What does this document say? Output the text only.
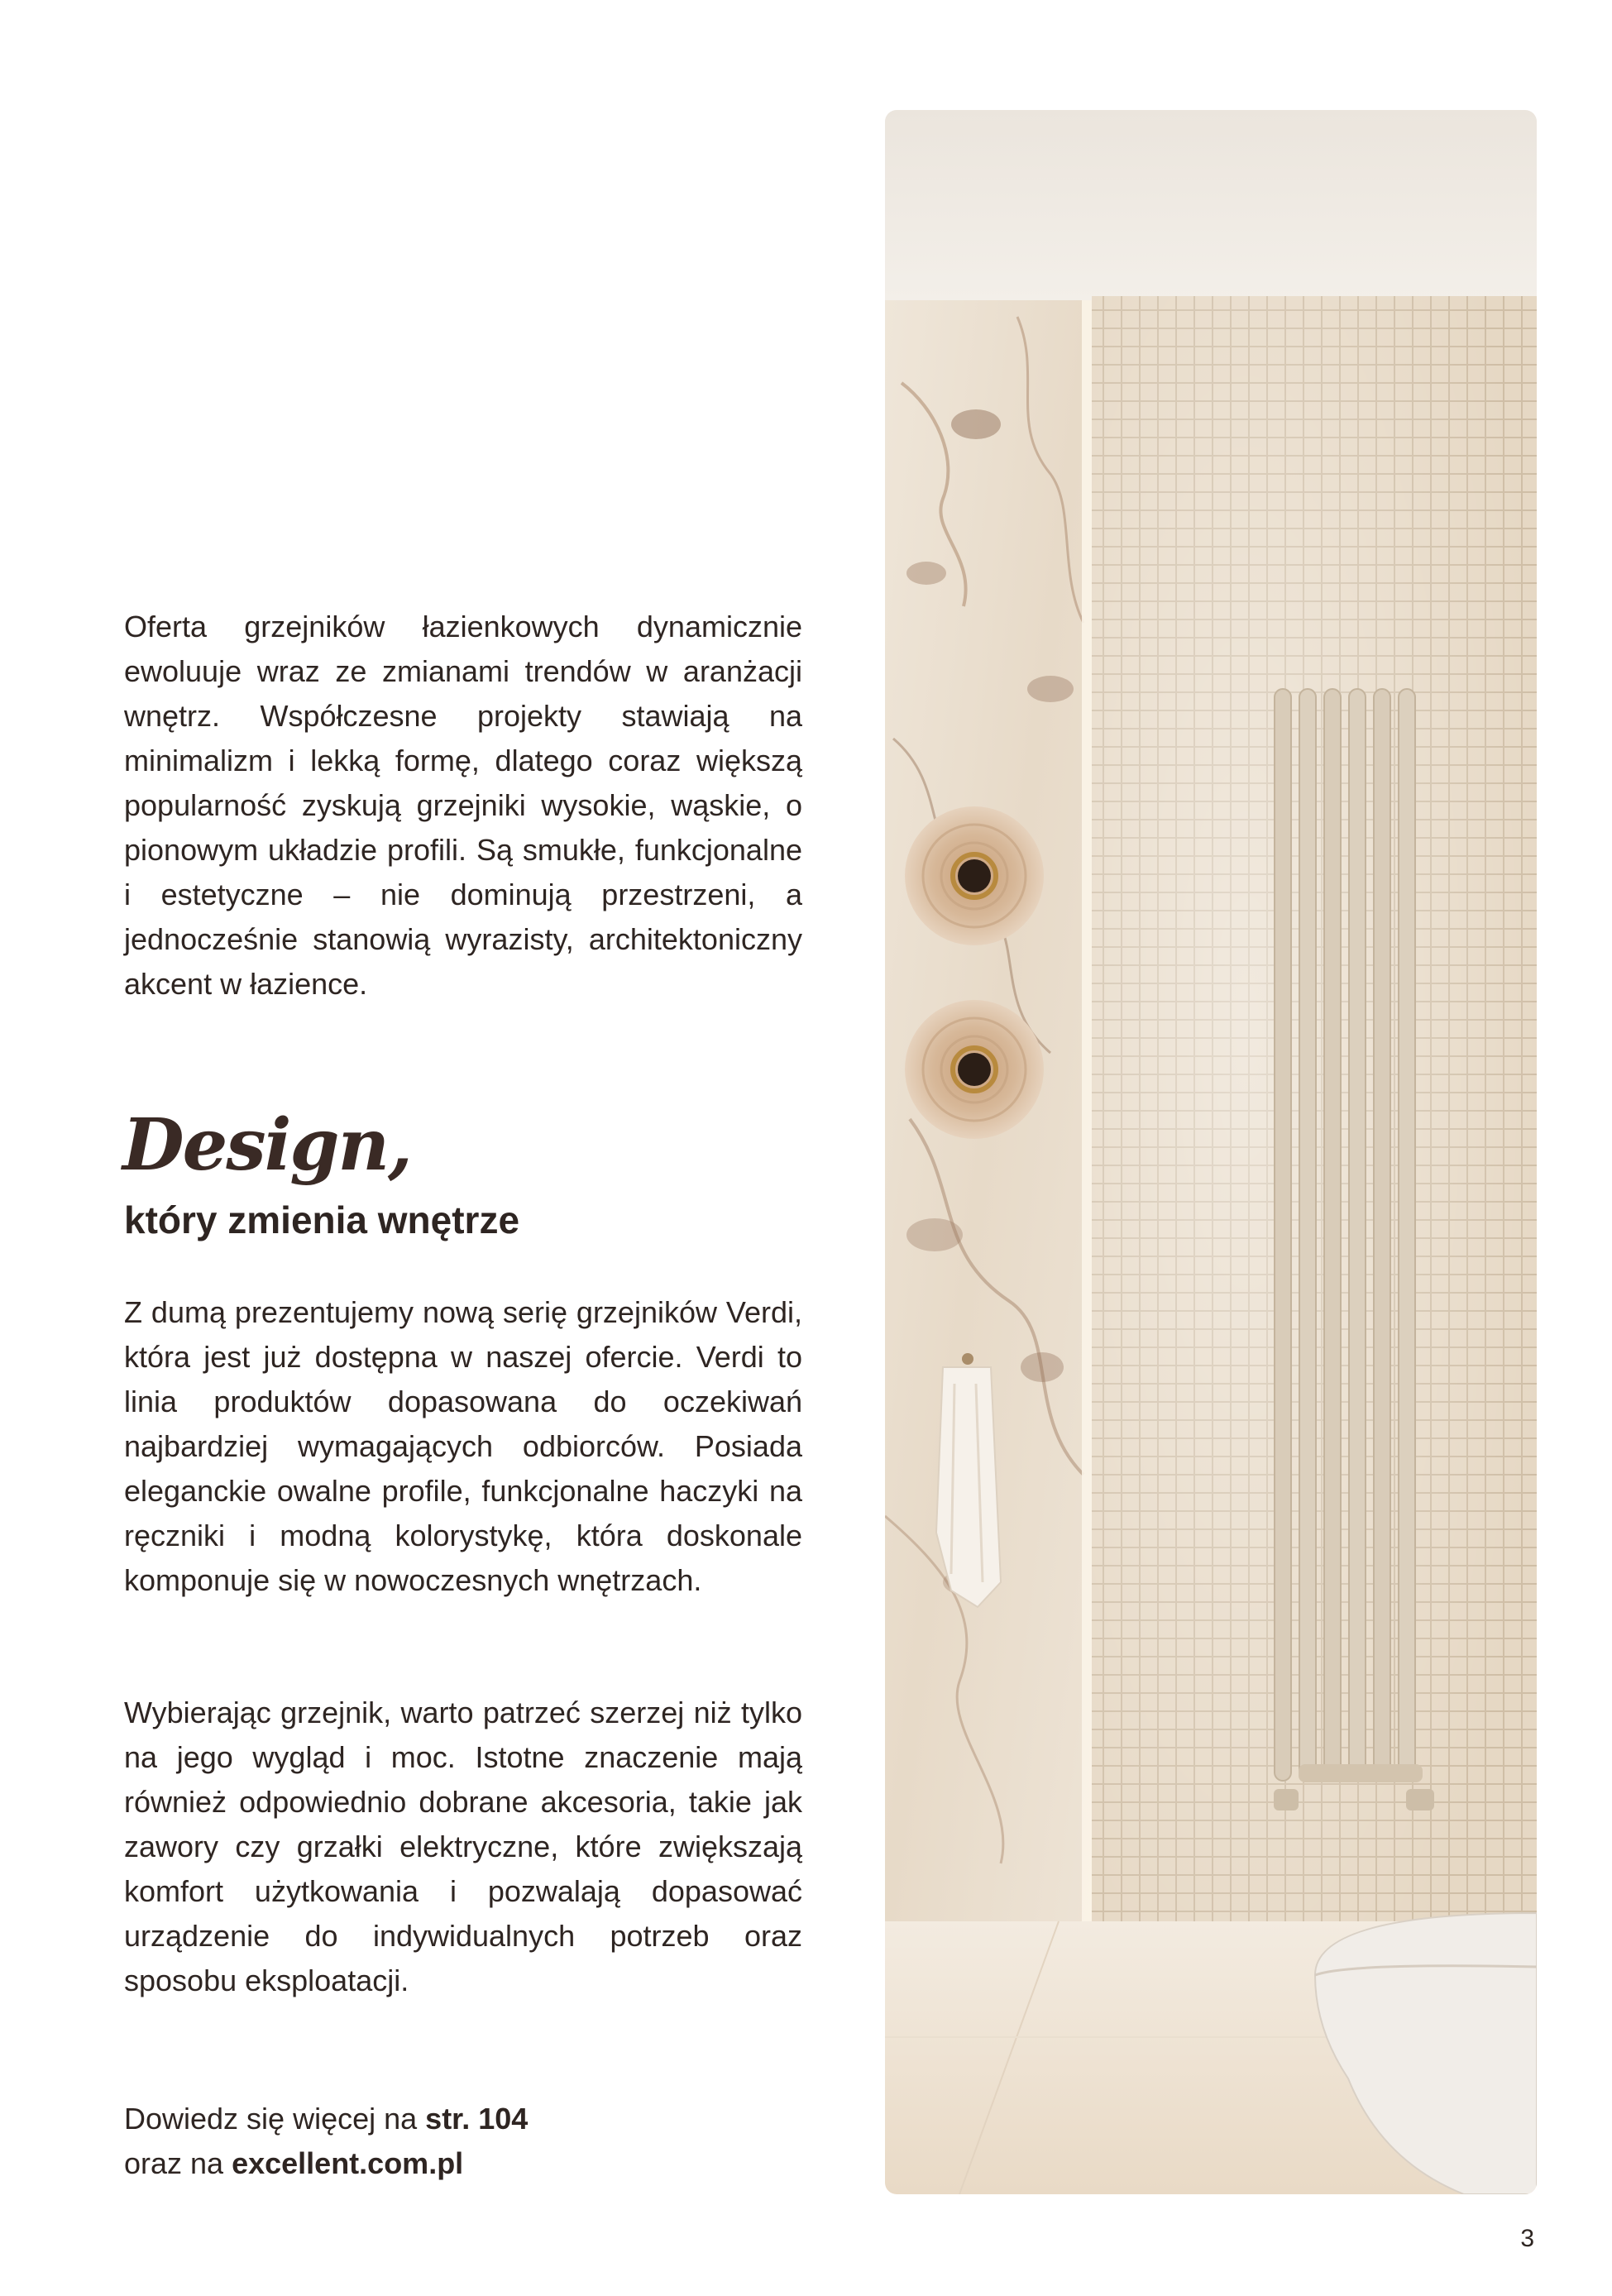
Oferta grzejników łazienkowych dynamicznie ewoluuje wraz ze zmianami trendów w aranżacji wnętrz. Współczesne projekty stawiają na minimalizm i lekką formę, dlatego coraz większą popularność zyskują grzejniki wysokie, wąskie, o pionowym układzie profili. Są smukłe, funkcjonalne i estetyczne – nie dominują przestrzeni, a jednocześnie stanowią wyrazisty, architektoniczny akcent w łazience.

Design,
który zmienia wnętrze

Z dumą prezentujemy nową serię grzejników Verdi, która jest już dostępna w naszej ofercie. Verdi to linia produktów dopasowana do oczekiwań najbardziej wymagających odbiorców. Posiada eleganckie owalne profile, funkcjonalne haczyki na ręczniki i modną kolorystykę, która doskonale komponuje się w nowoczesnych wnętrzach.

Wybierając grzejnik, warto patrzeć szerzej niż tylko na jego wygląd i moc. Istotne znaczenie mają również odpowiednio dobrane akcesoria, takie jak zawory czy grzałki elektryczne, które zwiększają komfort użytkowania i pozwalają dopasować urządzenie do indywidualnych potrzeb oraz sposobu eksploatacji.

Dowiedz się więcej na str. 104

oraz na excellent.com.pl

3
